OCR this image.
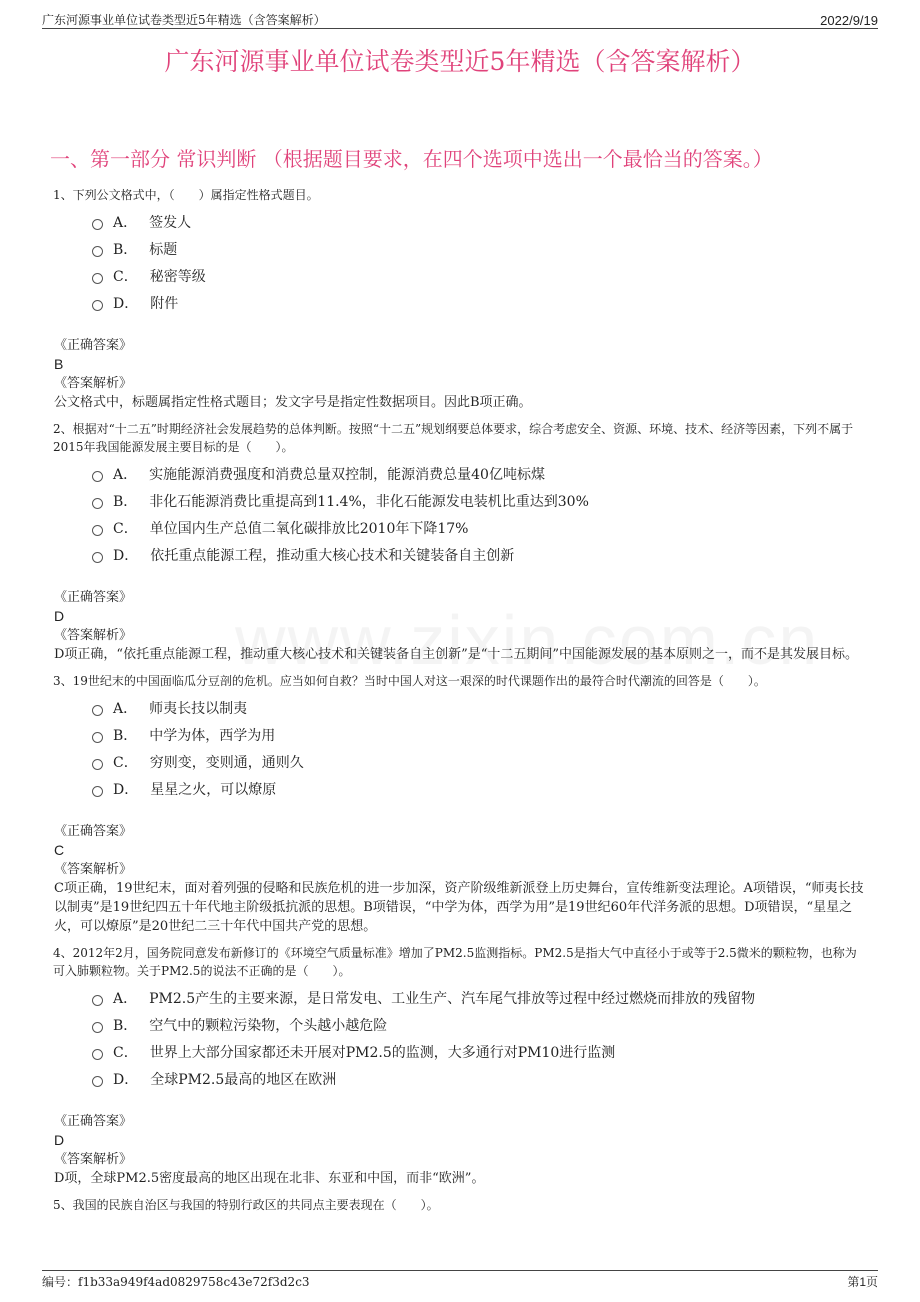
广东河源事业单位试卷类型近5年精选（含答案解析）	2022/9/19
广东河源事业单位试卷类型近5年精选（含答案解析）
一、第一部分 常识判断 （根据题目要求，在四个选项中选出一个最恰当的答案。）
1、下列公文格式中，（　　）属指定性格式题目。
A． 签发人
B． 标题
C． 秘密等级
D． 附件
《正确答案》
B
《答案解析》
公文格式中，标题属指定性格式题目；发文字号是指定性数据项目。因此B项正确。
2、根据对“十二五”时期经济社会发展趋势的总体判断。按照“十二五”规划纲要总体要求，综合考虑安全、资源、环境、技术、经济等因素，下列不属于2015年我国能源发展主要目标的是（　　）。
A． 实施能源消费强度和消费总量双控制，能源消费总量40亿吨标煤
B． 非化石能源消费比重提高到11.4%，非化石能源发电装机比重达到30%
C． 单位国内生产总值二氧化碳排放比2010年下降17%
D． 依托重点能源工程，推动重大核心技术和关键装备自主创新
《正确答案》
D
《答案解析》
D项正确，“依托重点能源工程，推动重大核心技术和关键装备自主创新”是“十二五期间”中国能源发展的基本原则之一，而不是其发展目标。
3、19世纪末的中国面临瓜分豆剖的危机。应当如何自救？当时中国人对这一艰深的时代课题作出的最符合时代潮流的回答是（　　）。
A． 师夷长技以制夷
B． 中学为体，西学为用
C． 穷则变，变则通，通则久
D． 星星之火，可以燎原
《正确答案》
C
《答案解析》
C项正确，19世纪末，面对着列强的侵略和民族危机的进一步加深，资产阶级维新派登上历史舞台，宣传维新变法理论。A项错误，“师夷长技以制夷”是19世纪四五十年代地主阶级抵抗派的思想。B项错误，“中学为体，西学为用”是19世纪60年代洋务派的思想。D项错误，“星星之火，可以燎原”是20世纪二三十年代中国共产党的思想。
4、2012年2月，国务院同意发布新修订的《环境空气质量标准》增加了PM2.5监测指标。PM2.5是指大气中直径小于或等于2.5微米的颗粒物，也称为可入肺颗粒物。关于PM2.5的说法不正确的是（　　）。
A． PM2.5产生的主要来源，是日常发电、工业生产、汽车尾气排放等过程中经过燃烧而排放的残留物
B． 空气中的颗粒污染物，个头越小越危险
C． 世界上大部分国家都还未开展对PM2.5的监测，大多通行对PM10进行监测
D． 全球PM2.5最高的地区在欧洲
《正确答案》
D
《答案解析》
D项，全球PM2.5密度最高的地区出现在北非、东亚和中国，而非“欧洲”。
5、我国的民族自治区与我国的特别行政区的共同点主要表现在（　　）。
编号：f1b33a949f4ad0829758c43e72f3d2c3	第1页
